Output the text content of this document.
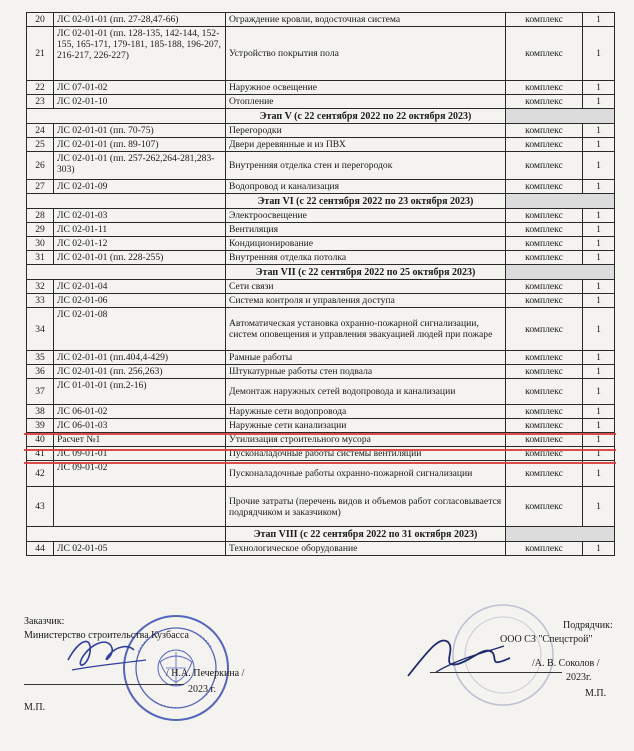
20	ЛС 02-01-01 (пп. 27-28,47-66)	Ограждение кровли, водосточная система	комплекс	1
21	ЛС 02-01-01 (пп. 128-135, 142-144, 152-155, 165-171, 179-181, 185-188, 196-207, 216-217, 226-227)	Устройство покрытия пола	комплекс	1
22	ЛС 07-01-02	Наружное освещение	комплекс	1
23	ЛС 02-01-10	Отопление	комплекс	1
		Этап V (с 22 сентября 2022 по 22 октября 2023)		
24	ЛС 02-01-01 (пп. 70-75)	Перегородки	комплекс	1
25	ЛС 02-01-01 (пп. 89-107)	Двери деревянные и из ПВХ	комплекс	1
26	ЛС 02-01-01 (пп. 257-262,264-281,283-303)	Внутренняя отделка стен и перегородок	комплекс	1
27	ЛС 02-01-09	Водопровод и канализация	комплекс	1
		Этап VI (с 22 сентября 2022 по 23 октября 2023)		
28	ЛС 02-01-03	Электроосвещение	комплекс	1
29	ЛС 02-01-11	Вентиляция	комплекс	1
30	ЛС 02-01-12	Кондиционирование	комплекс	1
31	ЛС 02-01-01 (пп. 228-255)	Внутренняя отделка потолка	комплекс	1
		Этап VII (с 22 сентября 2022 по 25 октября 2023)		
32	ЛС 02-01-04	Сети связи	комплекс	1
33	ЛС 02-01-06	Система контроля и управления доступа	комплекс	1
34	ЛС 02-01-08	Автоматическая установка охранно-пожарной сигнализации, систем оповещения и управления эвакуацией людей при пожаре	комплекс	1
35	ЛС 02-01-01 (пп.404,4-429)	Рамные работы	комплекс	1
36	ЛС 02-01-01 (пп. 256,263)	Штукатурные работы стен подвала	комплекс	1
37	ЛС 01-01-01 (пп.2-16)	Демонтаж наружных сетей водопровода и канализации	комплекс	1
38	ЛС 06-01-02	Наружные сети водопровода	комплекс	1
39	ЛС 06-01-03	Наружные сети канализации	комплекс	1
40	Расчет №1	Утилизация строительного мусора	комплекс	1
41	ЛС 09-01-01	Пусконаладочные работы системы вентиляции	комплекс	1
42	ЛС 09-01-02	Пусконаладочные работы охранно-пожарной сигнализации	комплекс	1
43		Прочие затраты (перечень видов и объемов работ согласовывается подрядчиком и заказчиком)	комплекс	1
		Этап VIII (с 22 сентября 2022 по 31 октября 2023)		
44	ЛС 02-01-05	Технологическое оборудование	комплекс	1
Заказчик:
Министерство строительства Кузбасса
/ Н.А. Печеркина /
2023 г.
М.П.
Подрядчик:
ООО СЗ "Спецстрой"
/А. В. Соколов /
2023г.
М.П.
